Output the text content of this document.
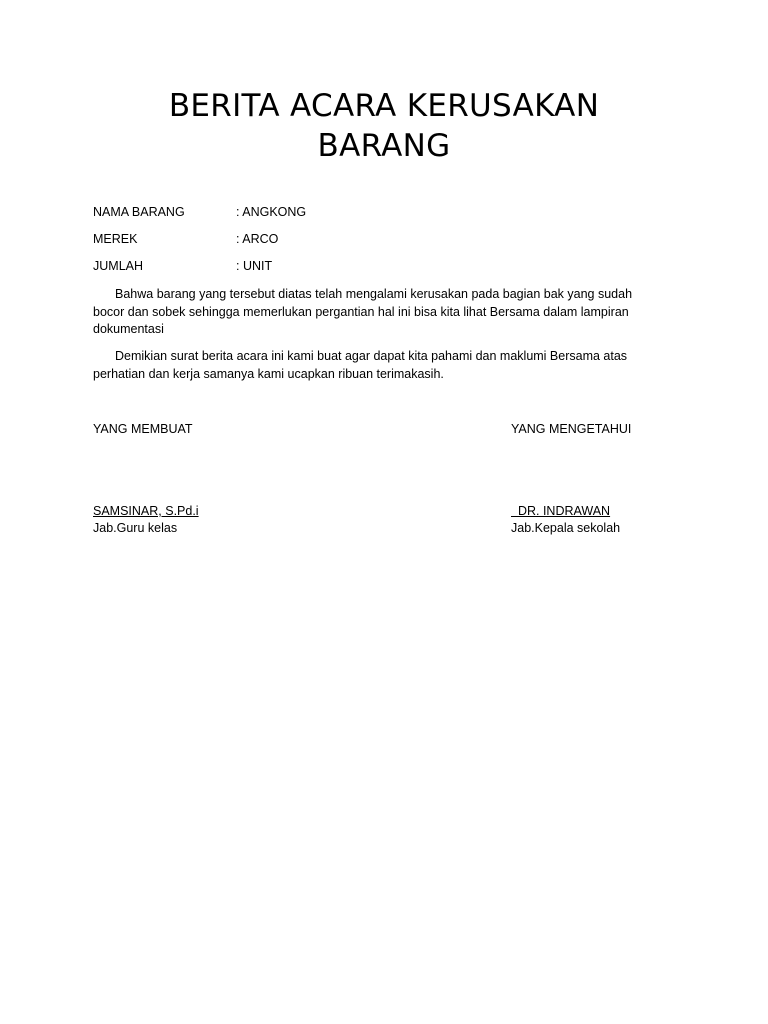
BERITA ACARA KERUSAKAN BARANG
NAMA BARANG	: ANGKONG
MEREK	: ARCO
JUMLAH	: UNIT

Bahwa barang yang tersebut diatas telah mengalami kerusakan pada bagian bak yang sudah bocor dan sobek sehingga memerlukan pergantian hal ini bisa kita lihat Bersama dalam lampiran dokumentasi

Demikian surat berita acara ini kami buat agar dapat kita pahami dan maklumi Bersama atas perhatian dan kerja samanya kami ucapkan ribuan terimakasih.

YANG MEMBUAT	YANG MENGETAHUI
SAMSINAR, S.Pd.i	DR. INDRAWAN
Jab.Guru kelas	Jab.Kepala sekolah
